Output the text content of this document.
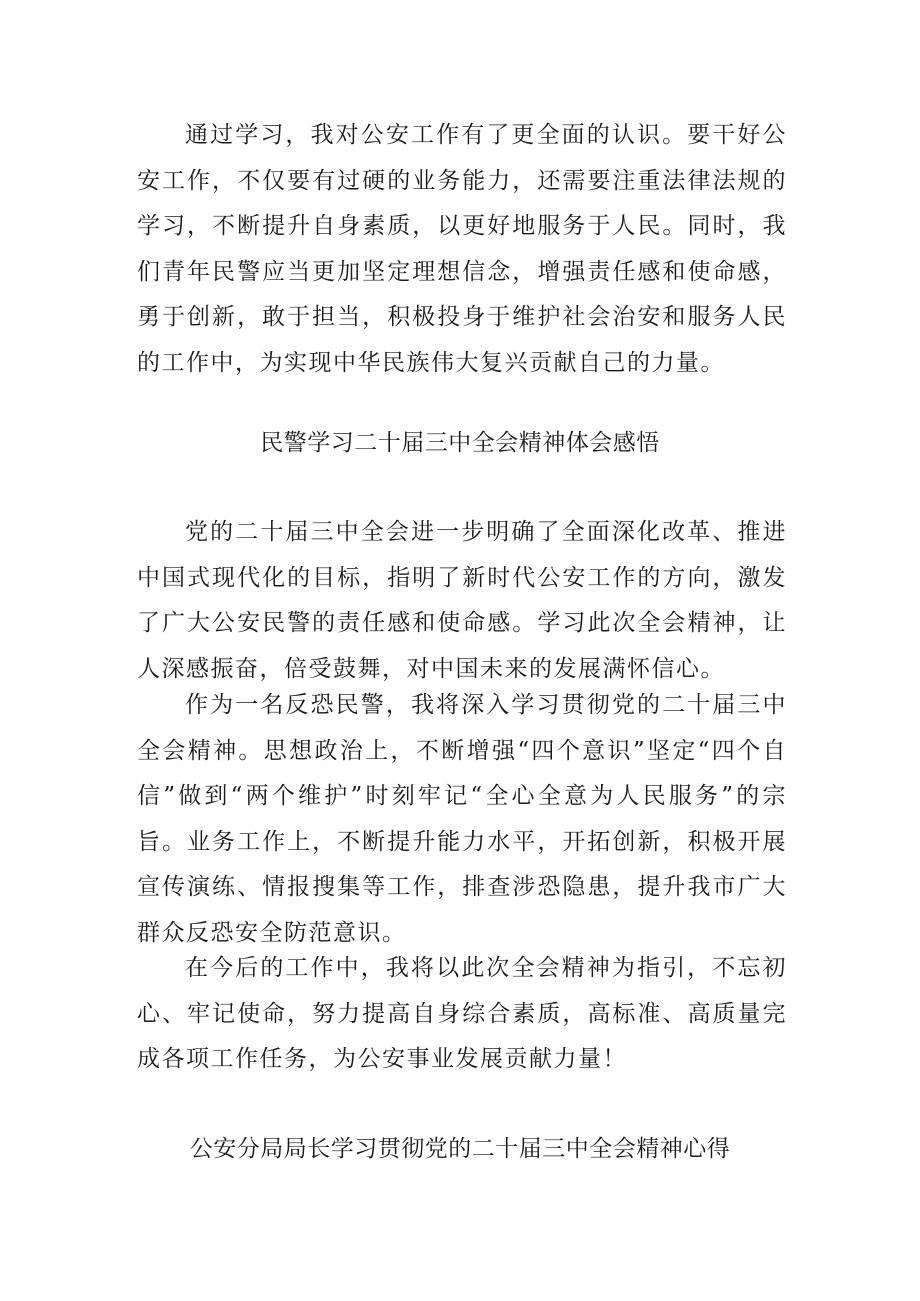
通过学习，我对公安工作有了更全面的认识。要干好公安工作，不仅要有过硬的业务能力，还需要注重法律法规的学习，不断提升自身素质，以更好地服务于人民。同时，我们青年民警应当更加坚定理想信念，增强责任感和使命感，勇于创新，敢于担当，积极投身于维护社会治安和服务人民的工作中，为实现中华民族伟大复兴贡献自己的力量。

民警学习二十届三中全会精神体会感悟

党的二十届三中全会进一步明确了全面深化改革、推进中国式现代化的目标，指明了新时代公安工作的方向，激发了广大公安民警的责任感和使命感。学习此次全会精神，让人深感振奋，倍受鼓舞，对中国未来的发展满怀信心。

作为一名反恐民警，我将深入学习贯彻党的二十届三中全会精神。思想政治上，不断增强“四个意识”坚定“四个自信”做到“两个维护”时刻牢记“全心全意为人民服务”的宗旨。业务工作上，不断提升能力水平，开拓创新，积极开展宣传演练、情报搜集等工作，排查涉恐隐患，提升我市广大群众反恐安全防范意识。

在今后的工作中，我将以此次全会精神为指引，不忘初心、牢记使命，努力提高自身综合素质，高标准、高质量完成各项工作任务，为公安事业发展贡献力量！

公安分局局长学习贯彻党的二十届三中全会精神心得
